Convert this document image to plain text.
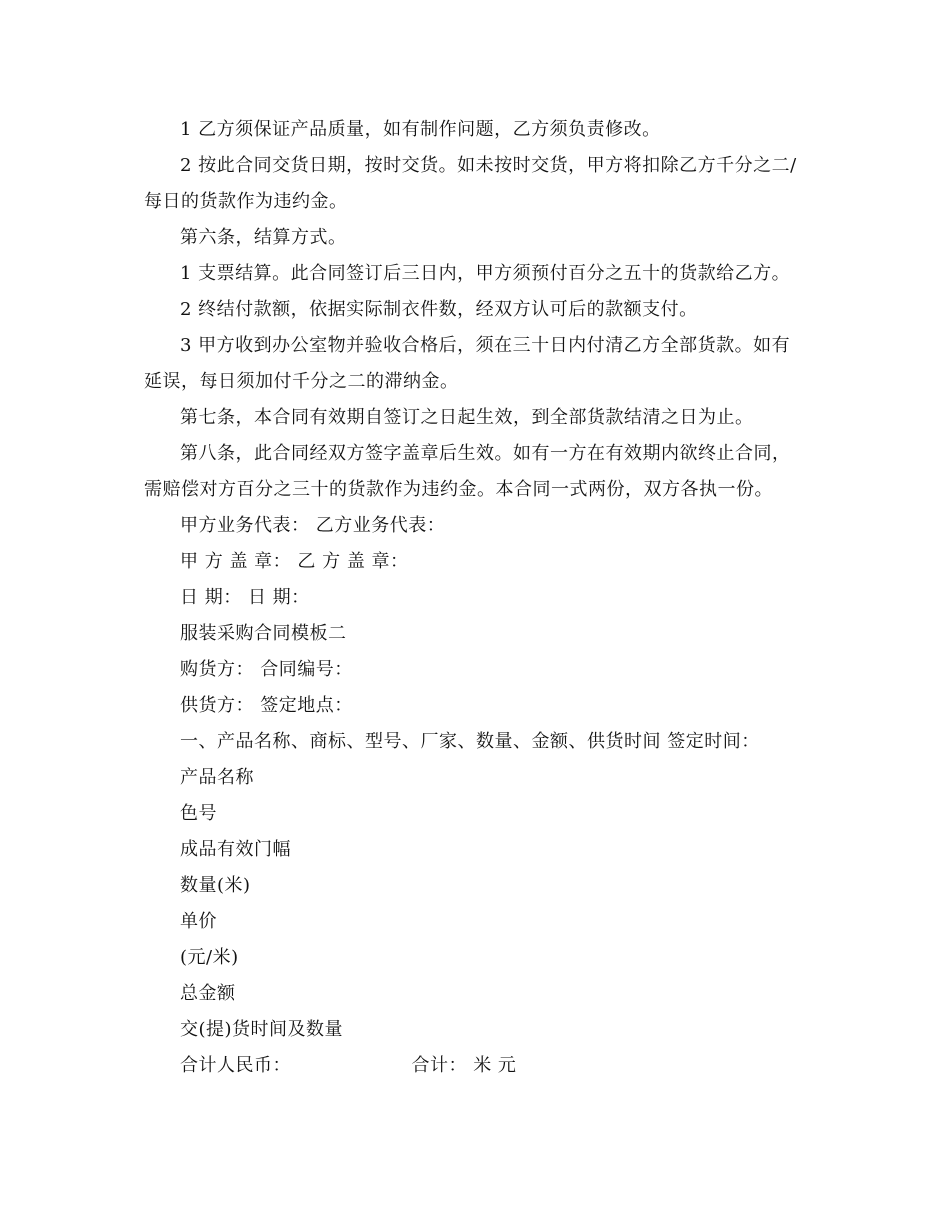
1 乙方须保证产品质量，如有制作问题，乙方须负责修改。

2 按此合同交货日期，按时交货。如未按时交货，甲方将扣除乙方千分之二/每日的货款作为违约金。

第六条，结算方式。

1 支票结算。此合同签订后三日内，甲方须预付百分之五十的货款给乙方。

2 终结付款额，依据实际制衣件数，经双方认可后的款额支付。

3 甲方收到办公室物并验收合格后，须在三十日内付清乙方全部货款。如有延误，每日须加付千分之二的滞纳金。

第七条，本合同有效期自签订之日起生效，到全部货款结清之日为止。

第八条，此合同经双方签字盖章后生效。如有一方在有效期内欲终止合同，需赔偿对方百分之三十的货款作为违约金。本合同一式两份，双方各执一份。

甲方业务代表： 乙方业务代表：

甲 方 盖 章： 乙 方 盖 章：

日 期： 日 期：

服装采购合同模板二

购货方： 合同编号：

供货方： 签定地点：

一、产品名称、商标、型号、厂家、数量、金额、供货时间 签定时间：

产品名称

色号

成品有效门幅

数量(米)

单价

(元/米)

总金额

交(提)货时间及数量

合计人民币：	合计： 米 元
